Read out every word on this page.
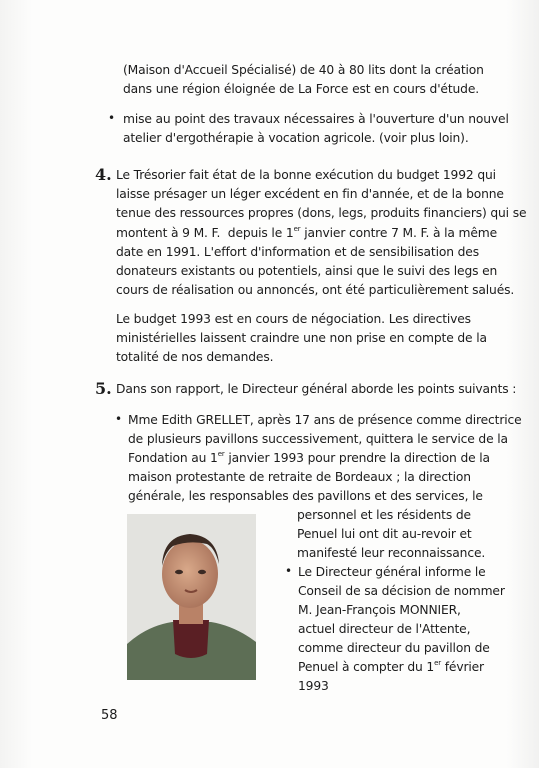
(Maison d'Accueil Spécialisé) de 40 à 80 lits dont la création
dans une région éloignée de La Force est en cours d'étude.
• mise au point des travaux nécessaires à l'ouverture d'un nouvel
atelier d'ergothérapie à vocation agricole. (voir plus loin).
4. Le Trésorier fait état de la bonne exécution du budget 1992 qui
laisse présager un léger excédent en fin d'année, et de la bonne
tenue des ressources propres (dons, legs, produits financiers) qui se
montent à 9 M. F.  depuis le 1er janvier contre 7 M. F. à la même
date en 1991. L'effort d'information et de sensibilisation des
donateurs existants ou potentiels, ainsi que le suivi des legs en
cours de réalisation ou annoncés, ont été particulièrement salués.
Le budget 1993 est en cours de négociation. Les directives
ministérielles laissent craindre une non prise en compte de la
totalité de nos demandes.
5. Dans son rapport, le Directeur général aborde les points suivants :
• Mme Edith GRELLET, après 17 ans de présence comme directrice
de plusieurs pavillons successivement, quittera le service de la
Fondation au 1er janvier 1993 pour prendre la direction de la
maison protestante de retraite de Bordeaux ; la direction
générale, les responsables des pavillons et des services, le
personnel et les résidents de
Penuel lui ont dit au-revoir et
manifesté leur reconnaissance.
• Le Directeur général informe le
Conseil de sa décision de nommer
M. Jean-François MONNIER,
actuel directeur de l'Attente,
comme directeur du pavillon de
Penuel à compter du 1er février
1993
58
